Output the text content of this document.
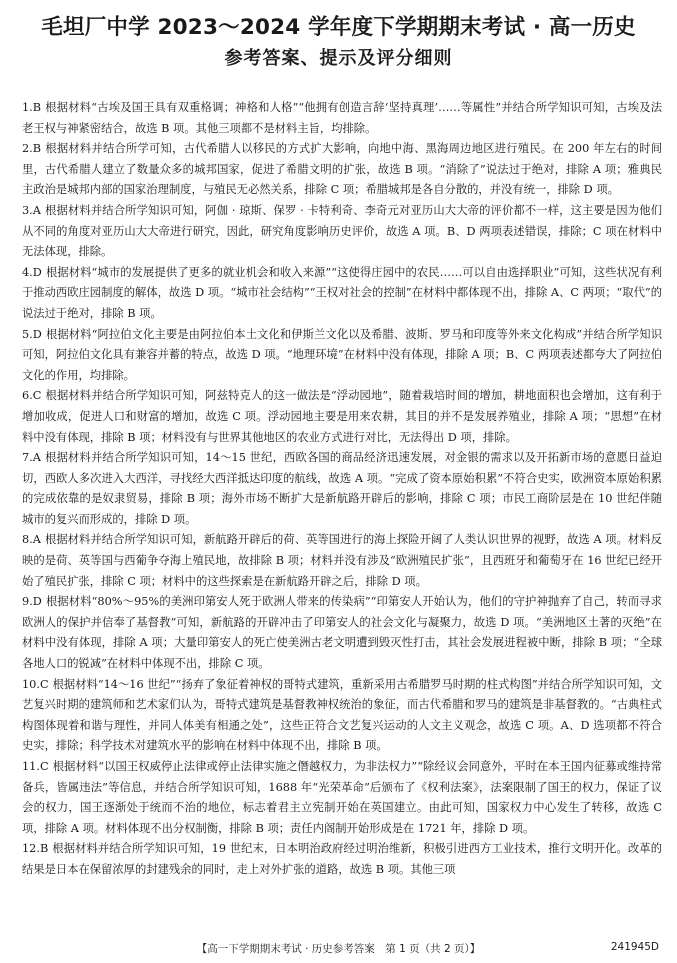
毛坦厂中学 2023～2024 学年度下学期期末考试 · 高一历史
参考答案、提示及评分细则

1.B 根据材料“古埃及国王具有双重格调；神格和人格”“他拥有创造言辞‘坚持真理’……等属性”并结合所学知识可知，古埃及法老王权与神紧密结合，故选 B 项。其他三项都不是材料主旨，均排除。

2.B 根据材料并结合所学可知，古代希腊人以移民的方式扩大影响，向地中海、黑海周边地区进行殖民。在 200 年左右的时间里，古代希腊人建立了数量众多的城邦国家，促进了希腊文明的扩张，故选 B 项。“消除了”说法过于绝对，排除 A 项；雅典民主政治是城邦内部的国家治理制度，与殖民无必然关系，排除 C 项；希腊城邦是各自分散的，并没有统一，排除 D 项。

3.A 根据材料并结合所学知识可知，阿伽 · 琼斯、保罗 · 卡特利奇、李奇元对亚历山大大帝的评价都不一样，这主要是因为他们从不同的角度对亚历山大大帝进行研究，因此，研究角度影响历史评价，故选 A 项。B、D 两项表述错误，排除；C 项在材料中无法体现，排除。

4.D 根据材料“城市的发展提供了更多的就业机会和收入来源”“这使得庄园中的农民……可以自由选择职业”可知，这些状况有利于推动西欧庄园制度的解体，故选 D 项。“城市社会结构”“王权对社会的控制”在材料中都体现不出，排除 A、C 两项；“取代”的说法过于绝对，排除 B 项。

5.D 根据材料“阿拉伯文化主要是由阿拉伯本土文化和伊斯兰文化以及希腊、波斯、罗马和印度等外来文化构成”并结合所学知识可知，阿拉伯文化具有兼容并蓄的特点，故选 D 项。“地理环境”在材料中没有体现，排除 A 项；B、C 两项表述都夸大了阿拉伯文化的作用，均排除。

6.C 根据材料并结合所学知识可知，阿兹特克人的这一做法是“浮动园地”，随着栽培时间的增加，耕地面积也会增加，这有利于增加收成，促进人口和财富的增加，故选 C 项。浮动园地主要是用来农耕，其目的并不是发展养殖业，排除 A 项；“思想”在材料中没有体现，排除 B 项；材料没有与世界其他地区的农业方式进行对比，无法得出 D 项，排除。

7.A 根据材料并结合所学知识可知，14～15 世纪，西欧各国的商品经济迅速发展，对金银的需求以及开拓新市场的意愿日益迫切，西欧人多次进入大西洋，寻找经大西洋抵达印度的航线，故选 A 项。“完成了资本原始积累”不符合史实，欧洲资本原始积累的完成依靠的是奴隶贸易，排除 B 项；海外市场不断扩大是新航路开辟后的影响，排除 C 项；市民工商阶层是在 10 世纪伴随城市的复兴而形成的，排除 D 项。

8.A 根据材料并结合所学知识可知，新航路开辟后的荷、英等国进行的海上探险开阔了人类认识世界的视野，故选 A 项。材料反映的是荷、英等国与西葡争夺海上殖民地，故排除 B 项；材料并没有涉及“欧洲殖民扩张”，且西班牙和葡萄牙在 16 世纪已经开始了殖民扩张，排除 C 项；材料中的这些探索是在新航路开辟之后，排除 D 项。

9.D 根据材料“80%～95%的美洲印第安人死于欧洲人带来的传染病”“印第安人开始认为，他们的守护神抛弃了自己，转而寻求欧洲人的保护并信奉了基督教”可知，新航路的开辟冲击了印第安人的社会文化与凝聚力，故选 D 项。“美洲地区土著的灭绝”在材料中没有体现，排除 A 项；大量印第安人的死亡使美洲古老文明遭到毁灭性打击，其社会发展进程被中断，排除 B 项；“全球各地人口的锐减”在材料中体现不出，排除 C 项。

10.C 根据材料“14～16 世纪”“扬弃了象征着神权的哥特式建筑，重新采用古希腊罗马时期的柱式构图”并结合所学知识可知，文艺复兴时期的建筑师和艺术家们认为，哥特式建筑是基督教神权统治的象征，而古代希腊和罗马的建筑是非基督教的。“古典柱式构图体现着和谐与理性，并同人体美有相通之处”，这些正符合文艺复兴运动的人文主义观念，故选 C 项。A、D 选项都不符合史实，排除；科学技术对建筑水平的影响在材料中体现不出，排除 B 项。

11.C 根据材料“以国王权威停止法律或停止法律实施之僭越权力，为非法权力”“除经议会同意外，平时在本王国内征募或维持常备兵，皆属违法”等信息，并结合所学知识可知，1688 年“光荣革命”后颁布了《权利法案》，法案限制了国王的权力，保证了议会的权力，国王逐渐处于统而不治的地位，标志着君主立宪制开始在英国建立。由此可知，国家权力中心发生了转移，故选 C 项，排除 A 项。材料体现不出分权制衡，排除 B 项；责任内阁制开始形成是在 1721 年，排除 D 项。

12.B 根据材料并结合所学知识可知，19 世纪末，日本明治政府经过明治维新，积极引进西方工业技术，推行文明开化。改革的结果是日本在保留浓厚的封建残余的同时，走上对外扩张的道路，故选 B 项。其他三项

【高一下学期期末考试 · 历史参考答案　第 1 页（共 2 页）】	241945D
